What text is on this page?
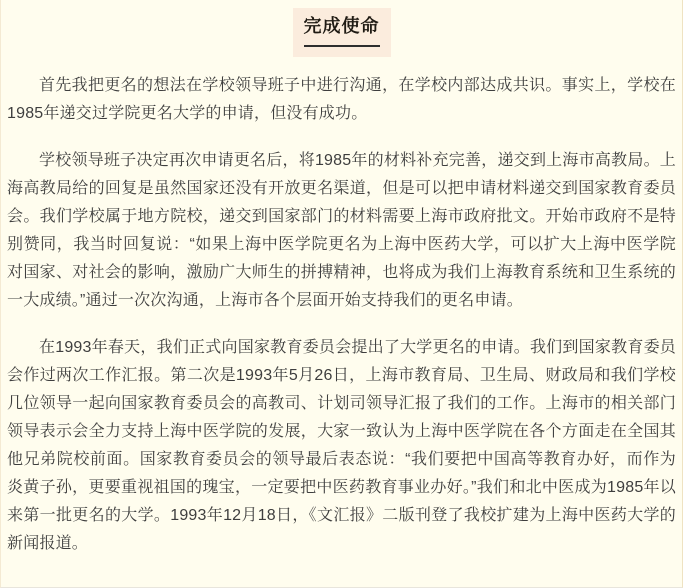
完成使命

首先我把更名的想法在学校领导班子中进行沟通，在学校内部达成共识。事实上，学校在1985年递交过学院更名大学的申请，但没有成功。

学校领导班子决定再次申请更名后，将1985年的材料补充完善，递交到上海市高教局。上海高教局给的回复是虽然国家还没有开放更名渠道，但是可以把申请材料递交到国家教育委员会。我们学校属于地方院校，递交到国家部门的材料需要上海市政府批文。开始市政府不是特别赞同，我当时回复说：“如果上海中医学院更名为上海中医药大学，可以扩大上海中医学院对国家、对社会的影响，激励广大师生的拼搏精神，也将成为我们上海教育系统和卫生系统的一大成绩。”通过一次次沟通，上海市各个层面开始支持我们的更名申请。

在1993年春天，我们正式向国家教育委员会提出了大学更名的申请。我们到国家教育委员会作过两次工作汇报。第二次是1993年5月26日，上海市教育局、卫生局、财政局和我们学校几位领导一起向国家教育委员会的高教司、计划司领导汇报了我们的工作。上海市的相关部门领导表示会全力支持上海中医学院的发展，大家一致认为上海中医学院在各个方面走在全国其他兄弟院校前面。国家教育委员会的领导最后表态说：“我们要把中国高等教育办好，而作为炎黄子孙，更要重视祖国的瑰宝，一定要把中医药教育事业办好。”我们和北中医成为1985年以来第一批更名的大学。1993年12月18日，《文汇报》二版刊登了我校扩建为上海中医药大学的新闻报道。
